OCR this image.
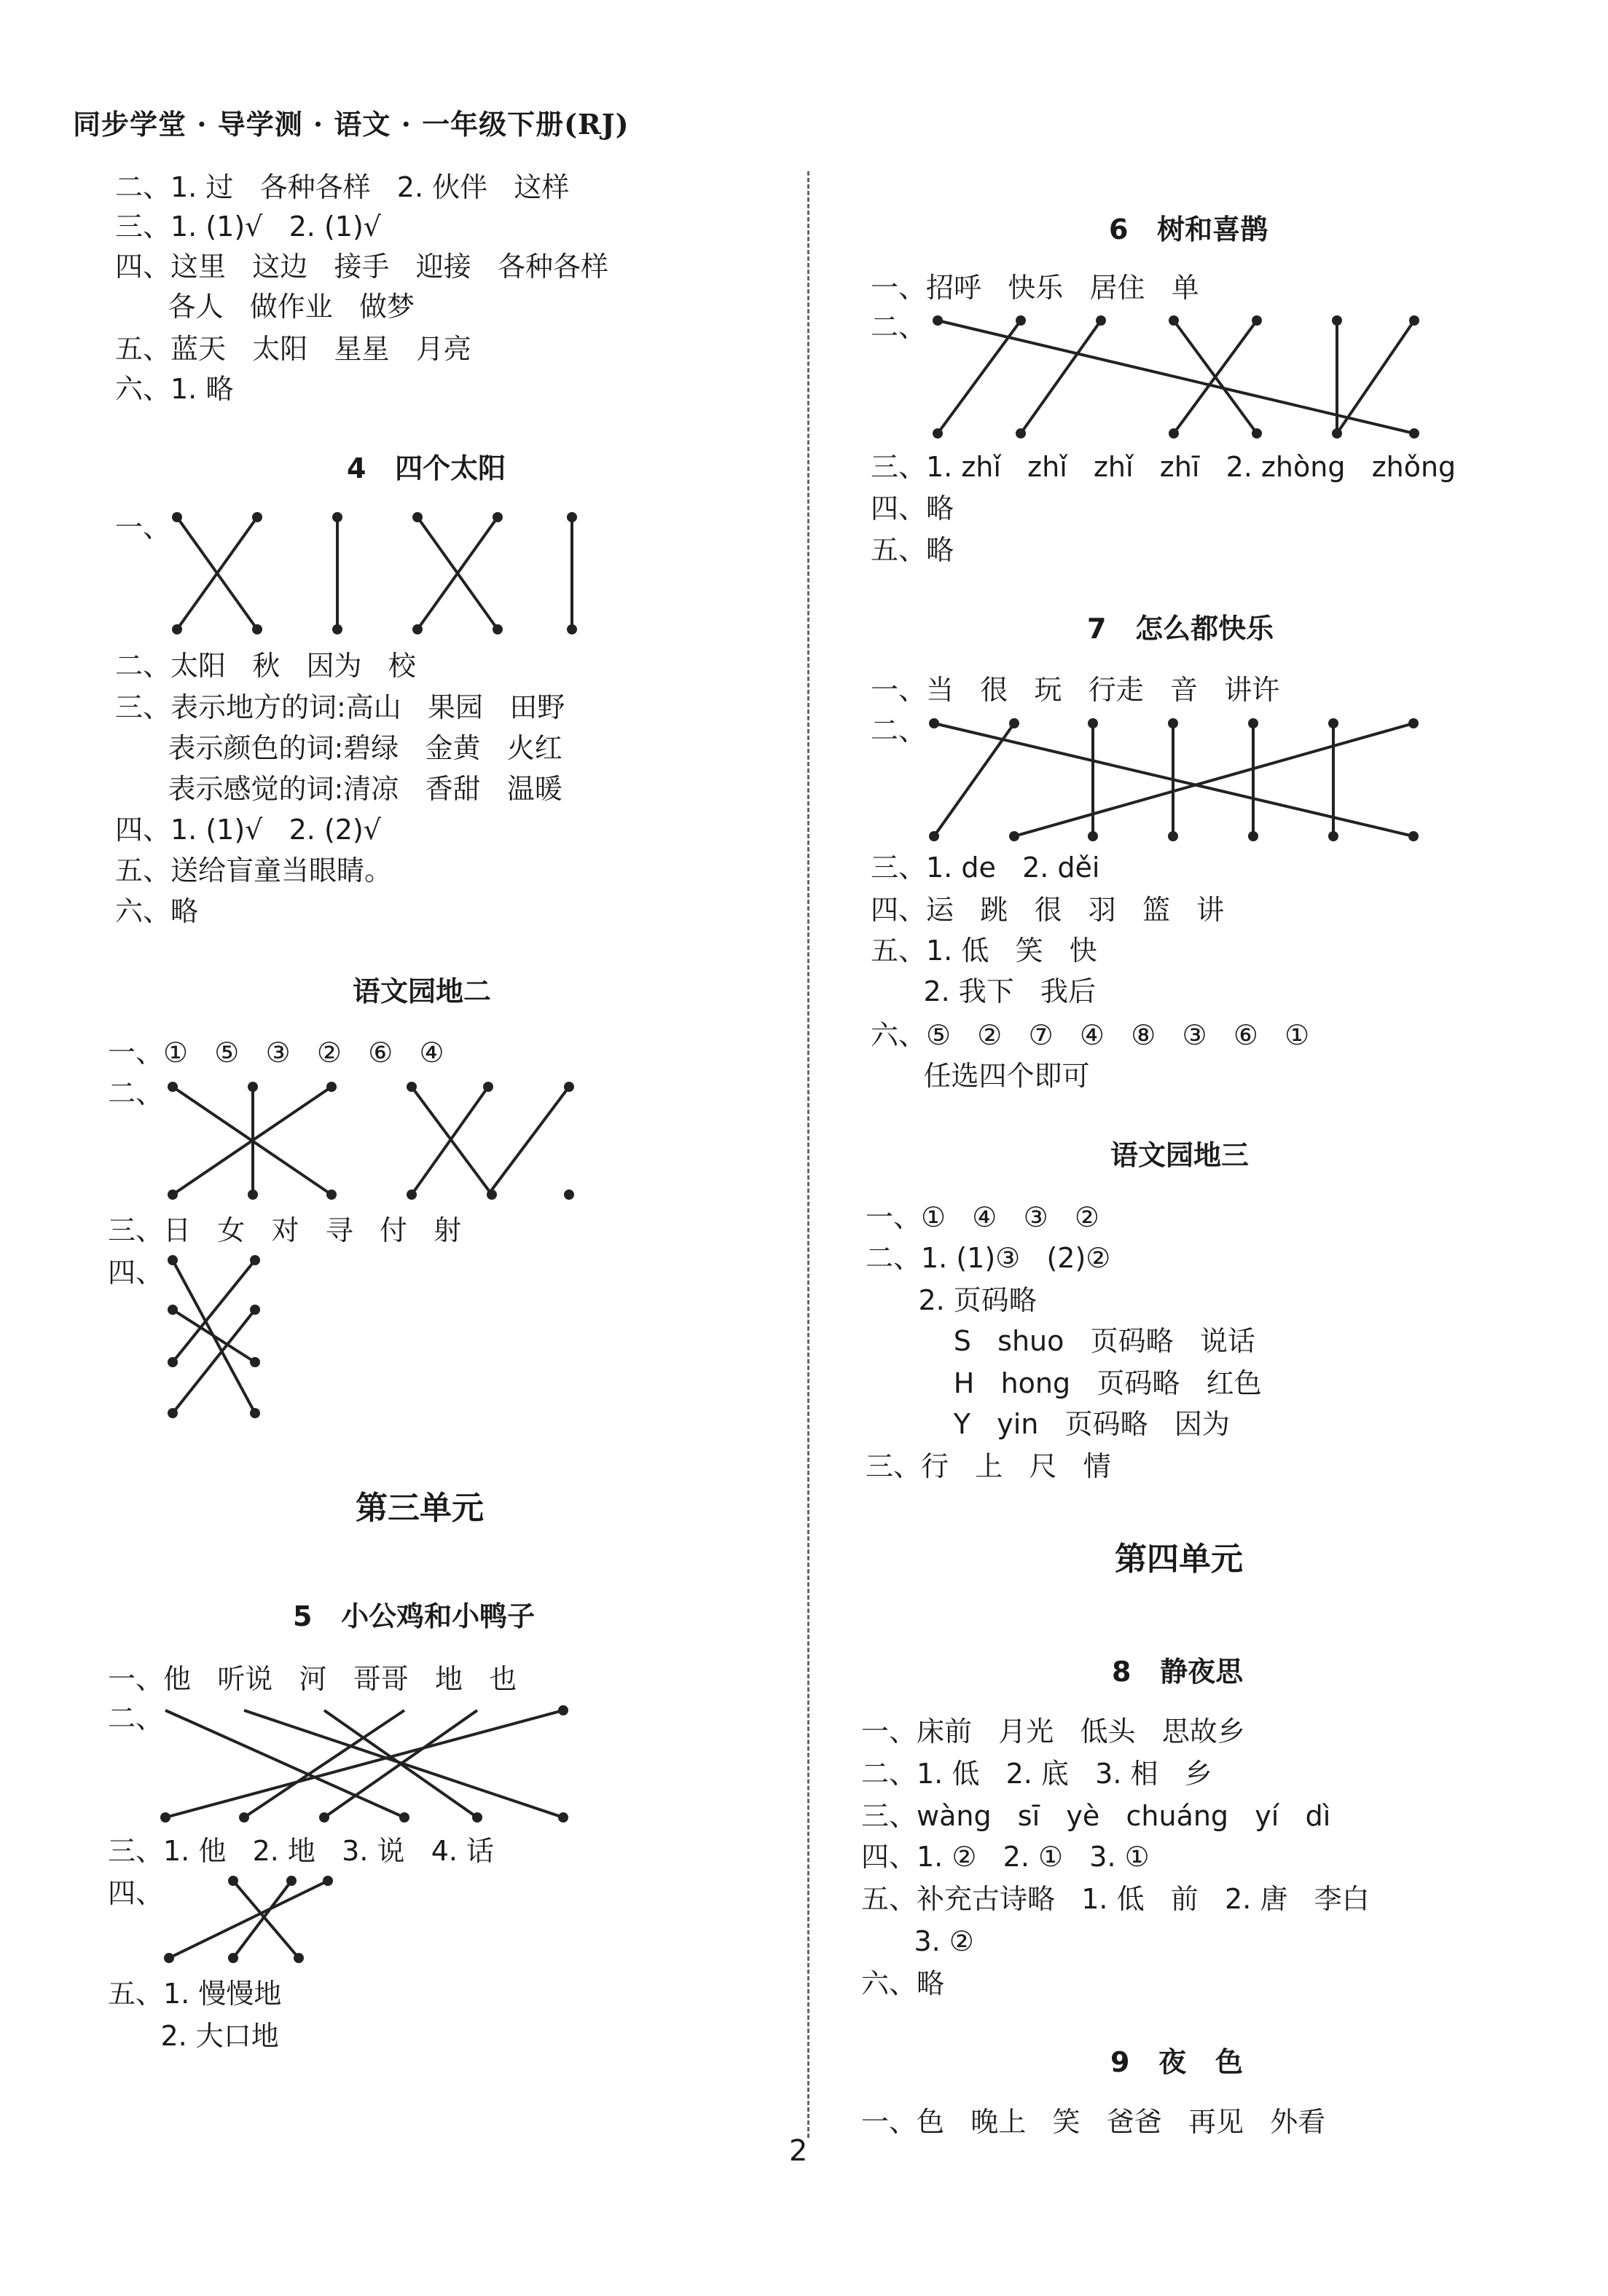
同步学堂 · 导学测 · 语文 · 一年级下册(RJ)
二、1. 过   各种各样   2. 伙伴   这样
三、1. (1)√   2. (1)√
四、这里   这边   接手   迎接   各种各样
各人   做作业   做梦
五、蓝天   太阳   星星   月亮
六、1. 略
4   四个太阳
一、
二、太阳   秋   因为   校
三、表示地方的词:高山   果园   田野
表示颜色的词:碧绿   金黄   火红
表示感觉的词:清凉   香甜   温暖
四、1. (1)√   2. (2)√
五、送给盲童当眼睛。
六、略
语文园地二
一、①   ⑤   ③   ②   ⑥   ④
二、
三、日   女   对   寻   付   射
四、
第三单元
5   小公鸡和小鸭子
一、他   听说   河   哥哥   地   也
二、
三、1. 他   2. 地   3. 说   4. 话
四、
五、1. 慢慢地
2. 大口地
6   树和喜鹊
一、招呼   快乐   居住   单
二、
三、1. zhǐ   zhǐ   zhǐ   zhī   2. zhòng   zhǒng
四、略
五、略
7   怎么都快乐
一、当   很   玩   行走   音   讲许
二、
三、1. de   2. děi
四、运   跳   很   羽   篮   讲
五、1. 低   笑   快
2. 我下   我后
六、⑤   ②   ⑦   ④   ⑧   ③   ⑥   ①
任选四个即可
语文园地三
一、①   ④   ③   ②
二、1. (1)③   (2)②
2. 页码略
S   shuo   页码略   说话
H   hong   页码略   红色
Y   yin   页码略   因为
三、行   上   尺   情
第四单元
8   静夜思
一、床前   月光   低头   思故乡
二、1. 低   2. 底   3. 相   乡
三、wàng   sī   yè   chuáng   yí   dì
四、1. ②   2. ①   3. ①
五、补充古诗略   1. 低   前   2. 唐   李白
3. ②
六、略
9   夜   色
一、色   晚上   笑   爸爸   再见   外看
2
